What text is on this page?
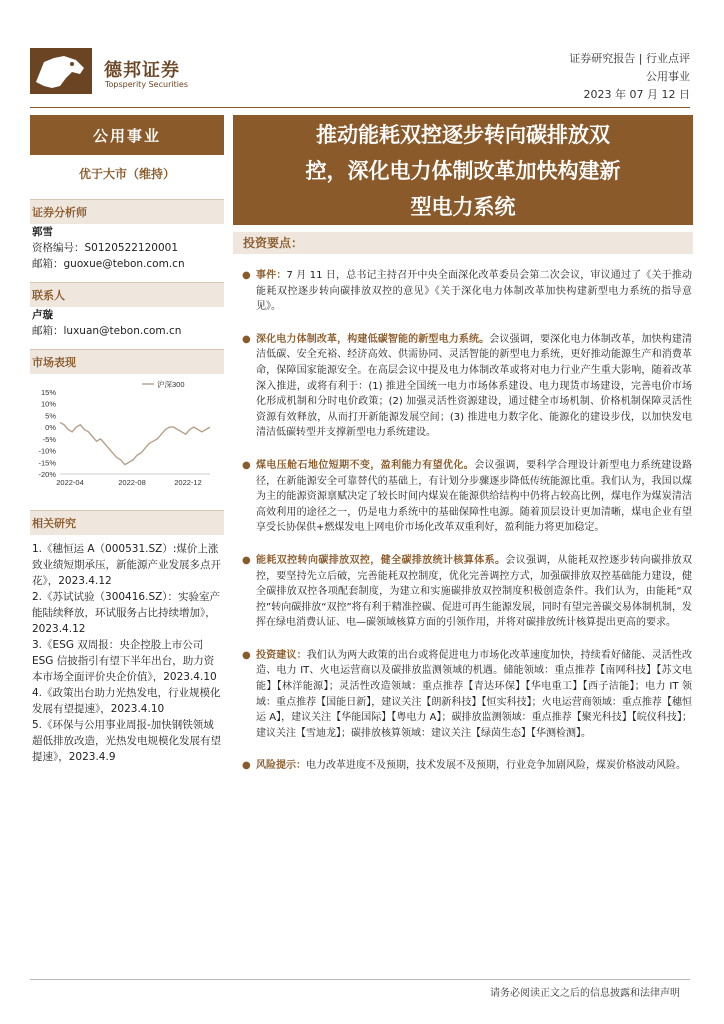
德邦证券
Topsperity Securities
证券研究报告 | 行业点评
公用事业
2023 年 07 月 12 日
公用事业
优于大市（维持）
证券分析师
郭雪
资格编号：S0120522120001
邮箱：guoxue@tebon.com.cn
联系人
卢璇
邮箱：luxuan@tebon.com.cn
市场表现
15%
10%
5%
0%
-5%
-10%
-15%
-20%
2022-04	2022-08	2022-12
沪深300
相关研究
1.《穗恒运 A（000531.SZ）:煤价上涨致业绩短期承压，新能源产业发展多点开花》，2023.4.12
2.《苏试试验（300416.SZ）：实验室产能陆续释放，环试服务占比持续增加》，2023.4.12
3.《ESG 双周报：央企控股上市公司 ESG 信披指引有望下半年出台，助力资本市场全面评价央企价值》，2023.4.10
4.《政策出台助力光热发电，行业规模化发展有望提速》，2023.4.10
5.《环保与公用事业周报-加快钢铁领域超低排放改造，光热发电规模化发展有望提速》，2023.4.9
推动能耗双控逐步转向碳排放双
控，深化电力体制改革加快构建新
型电力系统
投资要点：
● 事件：7 月 11 日，总书记主持召开中央全面深化改革委员会第二次会议，审议通过了《关于推动能耗双控逐步转向碳排放双控的意见》《关于深化电力体制改革加快构建新型电力系统的指导意见》。
● 深化电力体制改革，构建低碳智能的新型电力系统。会议强调，要深化电力体制改革，加快构建清洁低碳、安全充裕、经济高效、供需协同、灵活智能的新型电力系统，更好推动能源生产和消费革命，保障国家能源安全。在高层会议中提及电力体制改革或将对电力行业产生重大影响，随着改革深入推进，或将有利于：(1) 推进全国统一电力市场体系建设、电力现货市场建设，完善电价市场化形成机制和分时电价政策；(2) 加强灵活性资源建设，通过健全市场机制、价格机制保障灵活性资源有效释放，从而打开新能源发展空间；(3) 推进电力数字化、能源化的建设步伐，以加快发电清洁低碳转型并支撑新型电力系统建设。
● 煤电压舱石地位短期不变，盈利能力有望优化。会议强调，要科学合理设计新型电力系统建设路径，在新能源安全可靠替代的基础上，有计划分步骤逐步降低传统能源比重。我们认为，我国以煤为主的能源资源禀赋决定了较长时间内煤炭在能源供给结构中仍将占较高比例，煤电作为煤炭清洁高效利用的途径之一，仍是电力系统中的基础保障性电源。随着顶层设计更加清晰，煤电企业有望享受长协保供+燃煤发电上网电价市场化改革双重利好，盈利能力将更加稳定。
● 能耗双控转向碳排放双控，健全碳排放统计核算体系。会议强调，从能耗双控逐步转向碳排放双控，要坚持先立后破，完善能耗双控制度，优化完善调控方式，加强碳排放双控基础能力建设，健全碳排放双控各项配套制度，为建立和实施碳排放双控制度积极创造条件。我们认为，由能耗“双控”转向碳排放“双控”将有利于精准控碳、促进可再生能源发展，同时有望完善碳交易体制机制，发挥在绿电消费认证、电—碳领域核算方面的引领作用，并将对碳排放统计核算提出更高的要求。
● 投资建议：我们认为两大政策的出台或将促进电力市场化改革速度加快，持续看好储能、灵活性改造、电力 IT、火电运营商以及碳排放监测领域的机遇。储能领域：重点推荐【南网科技】【苏文电能】【林洋能源】；灵活性改造领域：重点推荐【青达环保】【华电重工】【西子洁能】；电力 IT 领域：重点推荐【国能日新】，建议关注【朗新科技】【恒实科技】；火电运营商领域：重点推荐【穗恒运 A】，建议关注【华能国际】【粤电力 A】；碳排放监测领域：重点推荐【聚光科技】【皖仪科技】；建议关注【雪迪龙】；碳排放核算领域：建议关注【绿茵生态】【华测检测】。
● 风险提示：电力改革进度不及预期，技术发展不及预期，行业竞争加剧风险，煤炭价格波动风险。
请务必阅读正文之后的信息披露和法律声明
